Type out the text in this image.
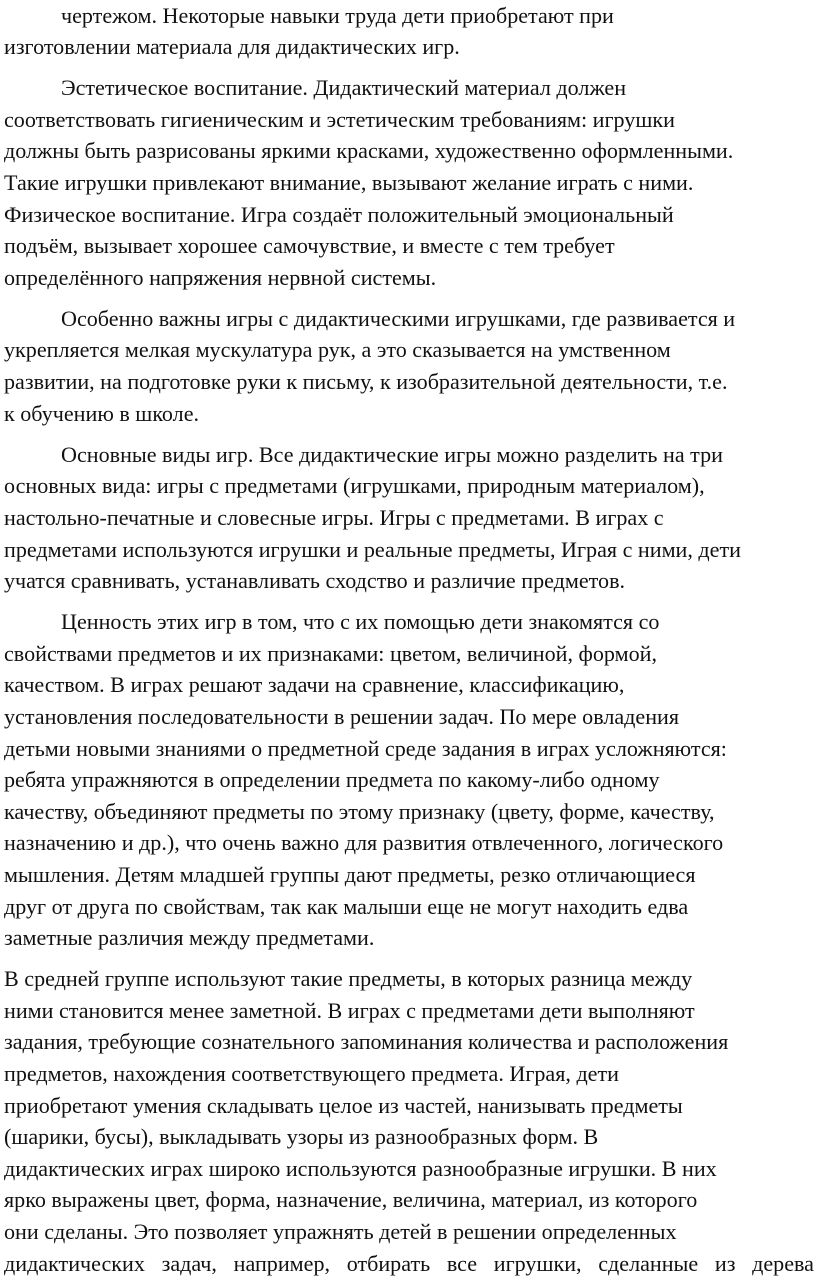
чертежом. Некоторые навыки труда дети приобретают при
изготовлении материала для дидактических игр.
Эстетическое воспитание. Дидактический материал должен
соответствовать гигиеническим и эстетическим требованиям: игрушки
должны быть разрисованы яркими красками, художественно оформленными.
Такие игрушки привлекают внимание, вызывают желание играть с ними.
Физическое воспитание. Игра создаёт положительный эмоциональный
подъём, вызывает хорошее самочувствие, и вместе с тем требует
определённого напряжения нервной системы.
Особенно важны игры с дидактическими игрушками, где развивается и
укрепляется мелкая мускулатура рук, а это сказывается на умственном
развитии, на подготовке руки к письму, к изобразительной деятельности, т.е.
к обучению в школе.
Основные виды игр. Все дидактические игры можно разделить на три
основных вида: игры с предметами (игрушками, природным материалом),
настольно-печатные и словесные игры. Игры с предметами. В играх с
предметами используются игрушки и реальные предметы, Играя с ними, дети
учатся сравнивать, устанавливать сходство и различие предметов.
Ценность этих игр в том, что с их помощью дети знакомятся со
свойствами предметов и их признаками: цветом, величиной, формой,
качеством. В играх решают задачи на сравнение, классификацию,
установления последовательности в решении задач. По мере овладения
детьми новыми знаниями о предметной среде задания в играх усложняются:
ребята упражняются в определении предмета по какому-либо одному
качеству, объединяют предметы по этому признаку (цвету, форме, качеству,
назначению и др.), что очень важно для развития отвлеченного, логического
мышления. Детям младшей группы дают предметы, резко отличающиеся
друг от друга по свойствам, так как малыши еще не могут находить едва
заметные различия между предметами.
В средней группе используют такие предметы, в которых разница между
ними становится менее заметной. В играх с предметами дети выполняют
задания, требующие сознательного запоминания количества и расположения
предметов, нахождения соответствующего предмета. Играя, дети
приобретают умения складывать целое из частей, нанизывать предметы
(шарики, бусы), выкладывать узоры из разнообразных форм. В
дидактических играх широко используются разнообразные игрушки. В них
ярко выражены цвет, форма, назначение, величина, материал, из которого
они сделаны. Это позволяет упражнять детей в решении определенных
дидактических задач, например, отбирать все игрушки, сделанные из дерева
